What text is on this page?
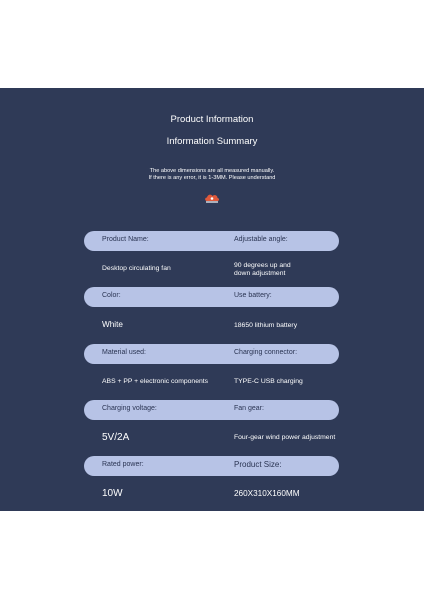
Product Information
Information Summary
The above dimensions are all measured manually.
If there is any error, it is 1-3MM. Please understand
Product Name:	Adjustable angle:
Desktop circulating fan	90 degrees up and
down adjustment
Color:	Use battery:
White	18650 lithium battery
Material used:	Charging connector:
ABS + PP + electronic components	TYPE-C USB charging
Charging voltage:	Fan gear:
5V/2A	Four-gear wind power adjustment
Rated power:	Product Size:
10W	260X310X160MM
